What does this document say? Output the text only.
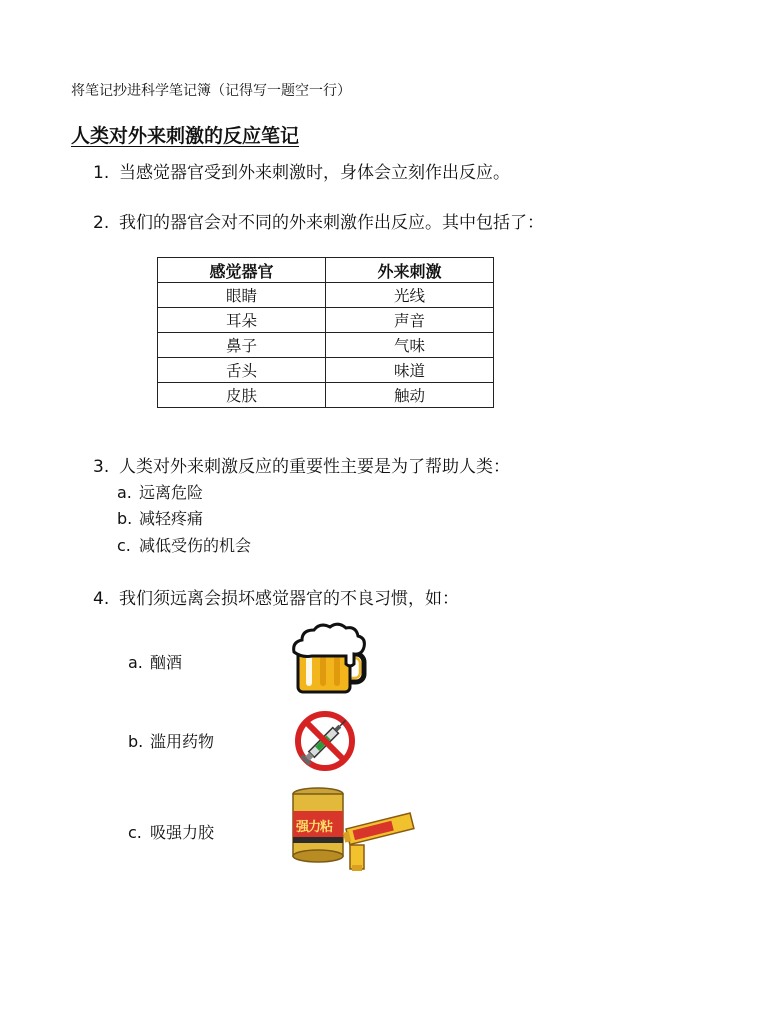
将笔记抄进科学笔记簿（记得写一题空一行）
人类对外来刺激的反应笔记
1. 当感觉器官受到外来刺激时，身体会立刻作出反应。
2. 我们的器官会对不同的外来刺激作出反应。其中包括了：
感觉器官	外来刺激
眼睛	光线
耳朵	声音
鼻子	气味
舌头	味道
皮肤	触动
3. 人类对外来刺激反应的重要性主要是为了帮助人类：
a. 远离危险
b. 减轻疼痛
c. 减低受伤的机会
4. 我们须远离会损坏感觉器官的不良习惯，如：
a. 酗酒
b. 滥用药物
c. 吸强力胶	强力粘
